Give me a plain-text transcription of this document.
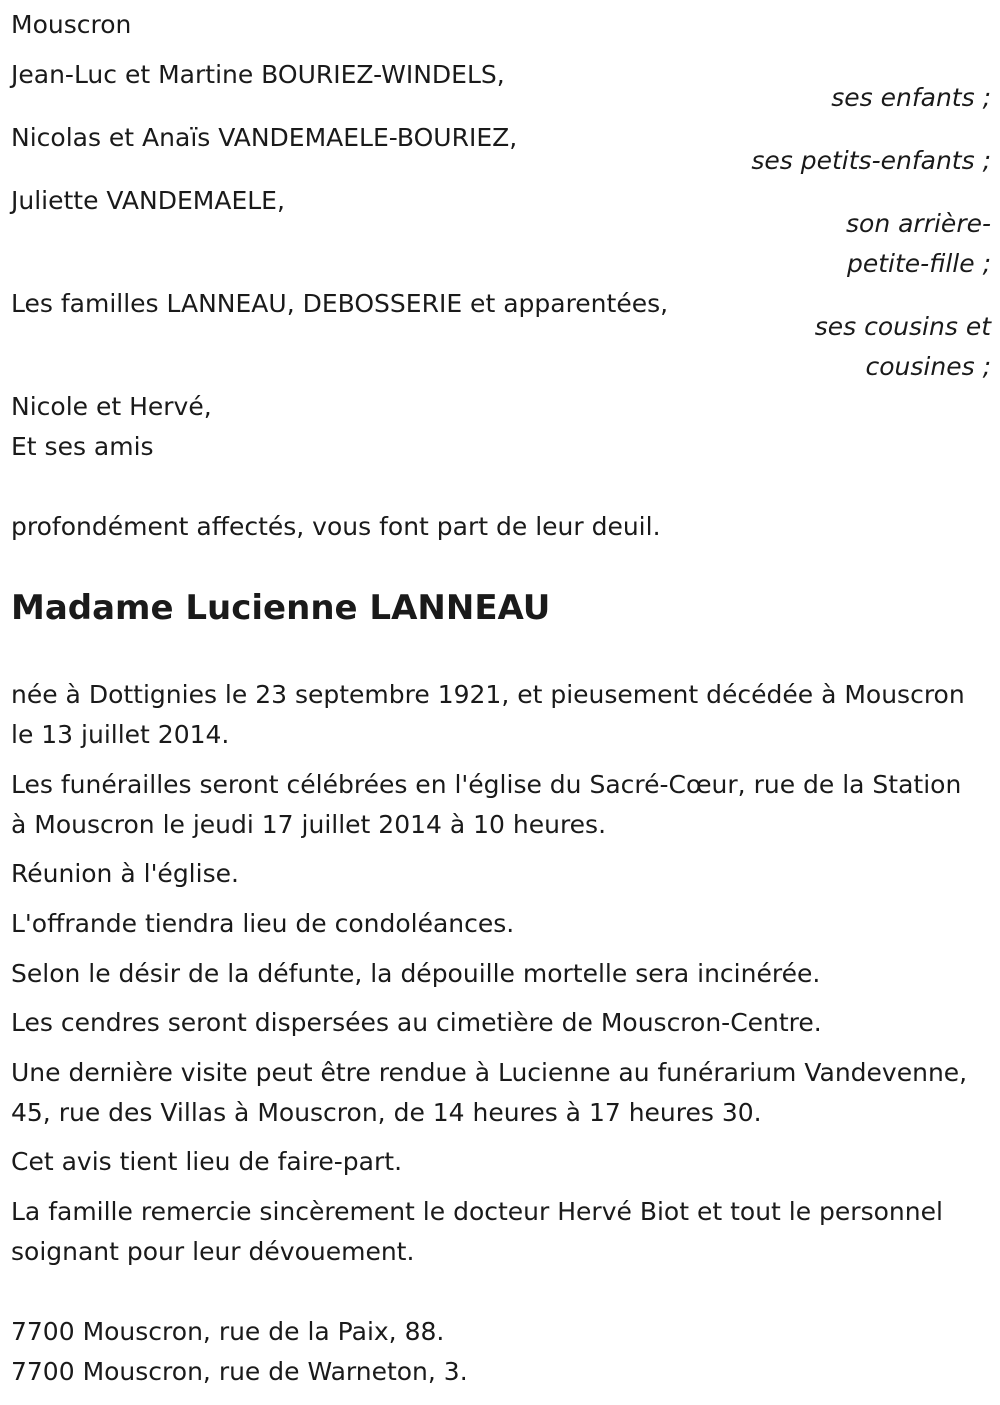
Mouscron
Jean-Luc et Martine BOURIEZ-WINDELS,
ses enfants ;
Nicolas et Anaïs VANDEMAELE-BOURIEZ,
ses petits-enfants ;
Juliette VANDEMAELE,
son arrière-
petite-fille ;
Les familles LANNEAU, DEBOSSERIE et apparentées,
ses cousins et
cousines ;
Nicole et Hervé,
Et ses amis
profondément affectés, vous font part de leur deuil.
Madame Lucienne LANNEAU
née à Dottignies le 23 septembre 1921, et pieusement décédée à Mouscron le 13 juillet 2014.
Les funérailles seront célébrées en l'église du Sacré-Cœur, rue de la Station à Mouscron le jeudi 17 juillet 2014 à 10 heures.
Réunion à l'église.
L'offrande tiendra lieu de condoléances.
Selon le désir de la défunte, la dépouille mortelle sera incinérée.
Les cendres seront dispersées au cimetière de Mouscron-Centre.
Une dernière visite peut être rendue à Lucienne au funérarium Vandevenne, 45, rue des Villas à Mouscron, de 14 heures à 17 heures 30.
Cet avis tient lieu de faire-part.
La famille remercie sincèrement le docteur Hervé Biot et tout le personnel soignant pour leur dévouement.
7700 Mouscron, rue de la Paix, 88.
7700 Mouscron, rue de Warneton, 3.
